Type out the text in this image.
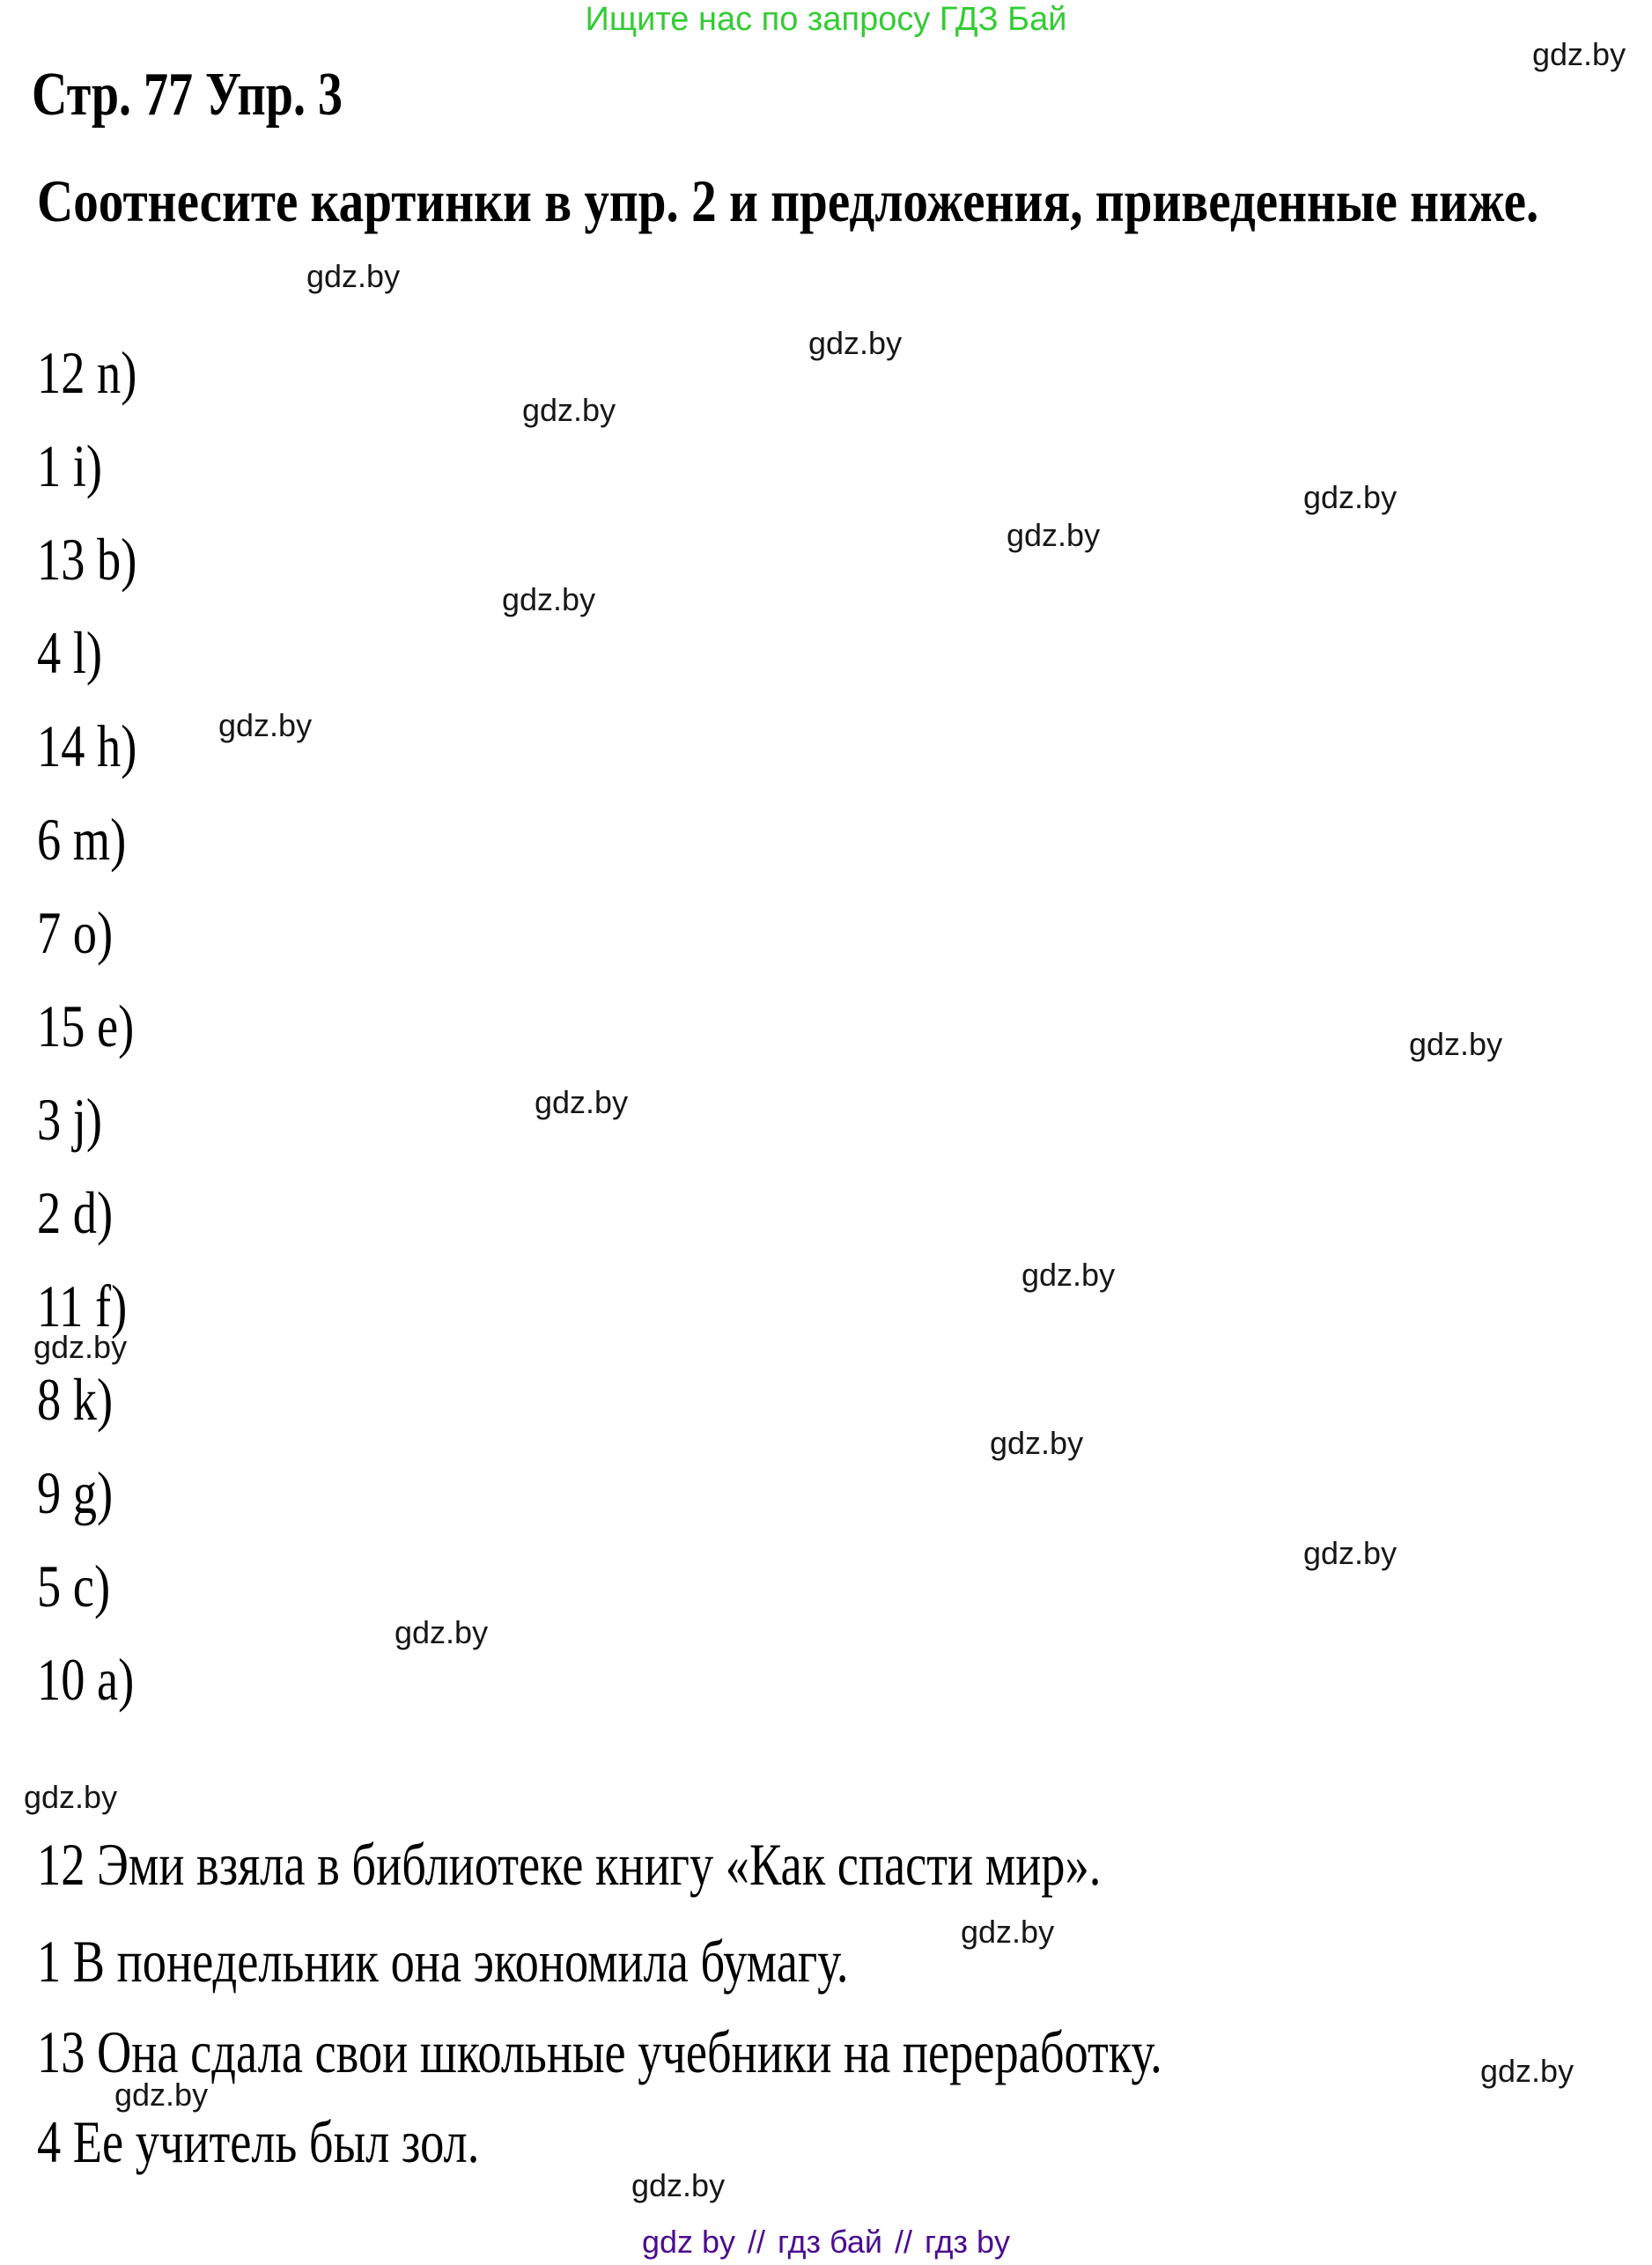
Ищите нас по запросу ГДЗ Бай
gdz.by
gdz.by
gdz.by
gdz.by
gdz.by
gdz.by
gdz.by
gdz.by
gdz.by
gdz.by
gdz.by
gdz.by
gdz.by
gdz.by
gdz.by
gdz.by
gdz.by
gdz.by
gdz.by
gdz.by
Стр. 77 Упр. 3
Соотнесите картинки в упр. 2 и предложения, приведенные ниже.
12 n)
1 i)
13 b)
4 l)
14 h)
6 m)
7 o)
15 e)
3 j)
2 d)
11 f)
8 k)
9 g)
5 c)
10 a)
12 Эми взяла в библиотеке книгу «Как спасти мир».
1 В понедельник она экономила бумагу.
13 Она сдала свои школьные учебники на переработку.
4 Ее учитель был зол.
gdz by // гдз бай // гдз by
